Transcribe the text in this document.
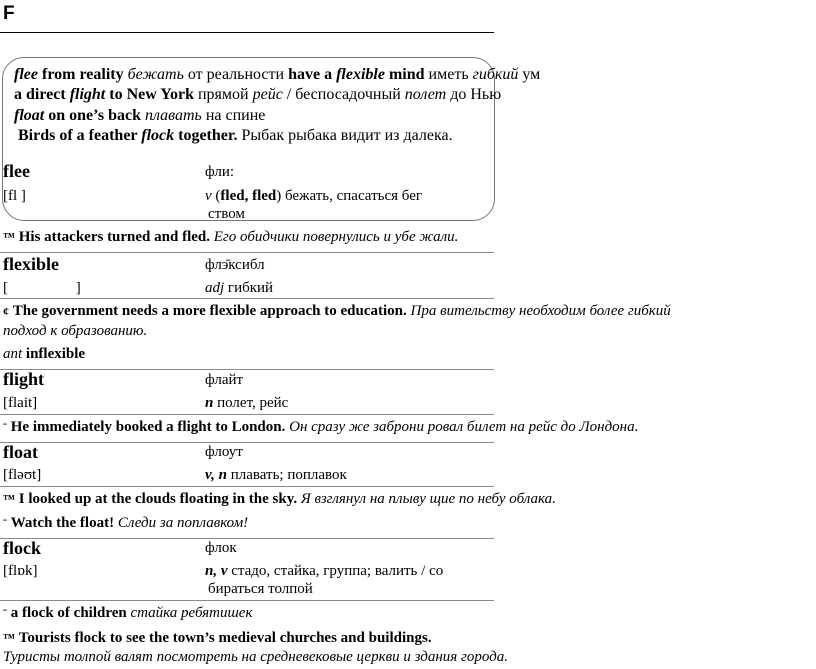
F
flee from reality бежать от реальности have a flexible mind иметь гибкий ум
a direct flight to New York прямой рейс / беспосадочный полет до Нью
float on one’s back плавать на спине
Birds of a feather flock together. Рыбак рыбака видит из далека.
flee	фли:
[fl ]	v (fled, fled) бежать, спасаться бег
ством
™ His attackers turned and fled. Его обидчики повернулись и убе жали.
flexible	флэ̄ксибл
[ ]	adj гибкий
¢ The government needs a more flexible approach to education. Пра вительству необходим более гибкий
подход к образованию.
ant inflexible
flight	флайт
[flait]	n полет, рейс
ˉ He immediately booked a flight to London. Он сразу же заброни ровал билет на рейс до Лондона.
float	флоут
[fləʊt]	v, n плавать; поплавок
™ I looked up at the clouds floating in the sky. Я взглянул на плыву щие по небу облака.
ˉ Watch the float! Следи за поплавком!
flock	флок
[flɒk]	n, v стадо, стайка, группа; валить / со
бираться толпой
ˉ a flock of children стайка ребятишек
™ Tourists flock to see the town’s medieval churches and buildings.
Туристы толпой валят посмотреть на средневековые церкви и здания города.
